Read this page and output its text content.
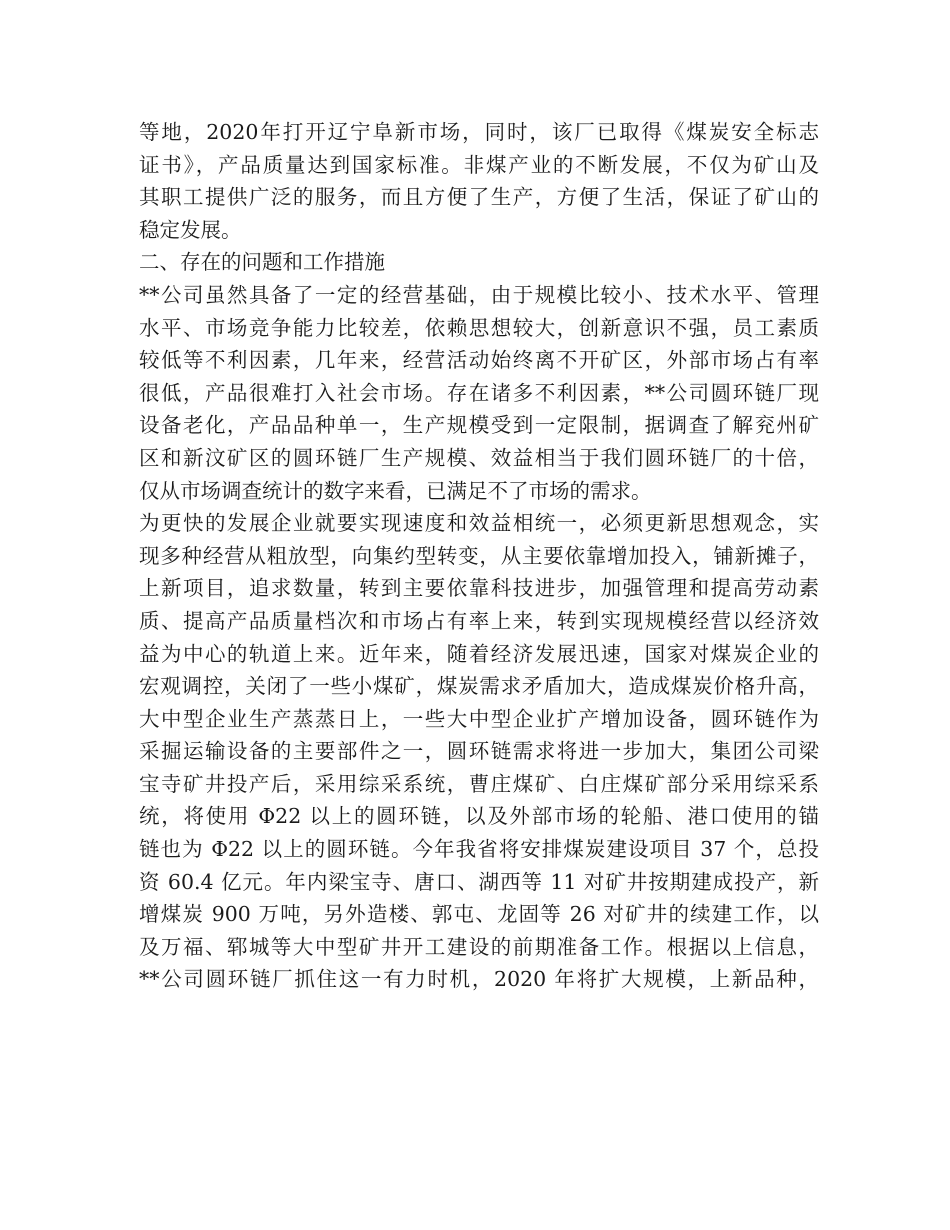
等地，2020年打开辽宁阜新市场，同时，该厂已取得《煤炭安全标志
证书》，产品质量达到国家标准。非煤产业的不断发展，不仅为矿山及
其职工提供广泛的服务，而且方便了生产，方便了生活，保证了矿山的
稳定发展。
二、存在的问题和工作措施
**公司虽然具备了一定的经营基础，由于规模比较小、技术水平、管理
水平、市场竞争能力比较差，依赖思想较大，创新意识不强，员工素质
较低等不利因素，几年来，经营活动始终离不开矿区，外部市场占有率
很低，产品很难打入社会市场。存在诸多不利因素，**公司圆环链厂现
设备老化，产品品种单一，生产规模受到一定限制，据调查了解兖州矿
区和新汶矿区的圆环链厂生产规模、效益相当于我们圆环链厂的十倍，
仅从市场调查统计的数字来看，已满足不了市场的需求。
为更快的发展企业就要实现速度和效益相统一，必须更新思想观念，实
现多种经营从粗放型，向集约型转变，从主要依靠增加投入，铺新摊子，
上新项目，追求数量，转到主要依靠科技进步，加强管理和提高劳动素
质、提高产品质量档次和市场占有率上来，转到实现规模经营以经济效
益为中心的轨道上来。近年来，随着经济发展迅速，国家对煤炭企业的
宏观调控，关闭了一些小煤矿，煤炭需求矛盾加大，造成煤炭价格升高，
大中型企业生产蒸蒸日上，一些大中型企业扩产增加设备，圆环链作为
采掘运输设备的主要部件之一，圆环链需求将进一步加大，集团公司梁
宝寺矿井投产后，采用综采系统，曹庄煤矿、白庄煤矿部分采用综采系
统，将使用 Φ22 以上的圆环链，以及外部市场的轮船、港口使用的锚
链也为 Φ22 以上的圆环链。今年我省将安排煤炭建设项目 37 个，总投
资 60.4 亿元。年内梁宝寺、唐口、湖西等 11 对矿井按期建成投产，新
增煤炭 900 万吨，另外造楼、郭屯、龙固等 26 对矿井的续建工作，以
及万福、郓城等大中型矿井开工建设的前期准备工作。根据以上信息，
**公司圆环链厂抓住这一有力时机，2020 年将扩大规模，上新品种，
